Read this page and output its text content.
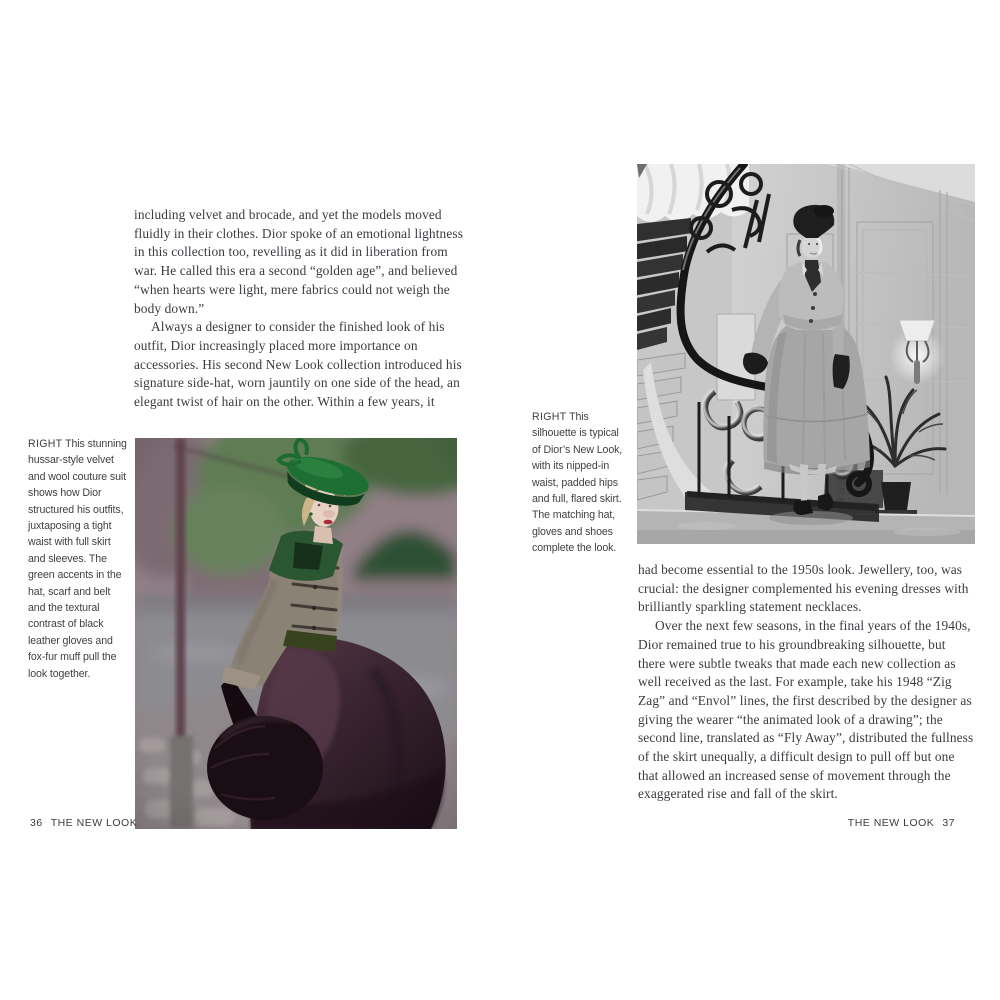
including velvet and brocade, and yet the models moved fluidly in their clothes. Dior spoke of an emotional lightness in this collection too, revelling as it did in liberation from war. He called this era a second “golden age”, and believed “when hearts were light, mere fabrics could not weigh the body down.”

Always a designer to consider the finished look of his outfit, Dior increasingly placed more importance on accessories. His second New Look collection introduced his signature side-hat, worn jauntily on one side of the head, an elegant twist of hair on the other. Within a few years, it

RIGHT This stunning hussar-style velvet and wool couture suit shows how Dior structured his outfits, juxtaposing a tight waist with full skirt and sleeves. The green accents in the hat, scarf and belt and the textural contrast of black leather gloves and fox-fur muff pull the look together.
36 THE NEW LOOK
RIGHT This silhouette is typical of Dior’s New Look, with its nipped-in waist, padded hips and full, flared skirt. The matching hat, gloves and shoes complete the look.

had become essential to the 1950s look. Jewellery, too, was crucial: the designer complemented his evening dresses with brilliantly sparkling statement necklaces.

Over the next few seasons, in the final years of the 1940s, Dior remained true to his groundbreaking silhouette, but there were subtle tweaks that made each new collection as well received as the last. For example, take his 1948 “Zig Zag” and “Envol” lines, the first described by the designer as giving the wearer “the animated look of a drawing”; the second line, translated as “Fly Away”, distributed the fullness of the skirt unequally, a difficult design to pull off but one that allowed an increased sense of movement through the exaggerated rise and fall of the skirt.

THE NEW LOOK 37
